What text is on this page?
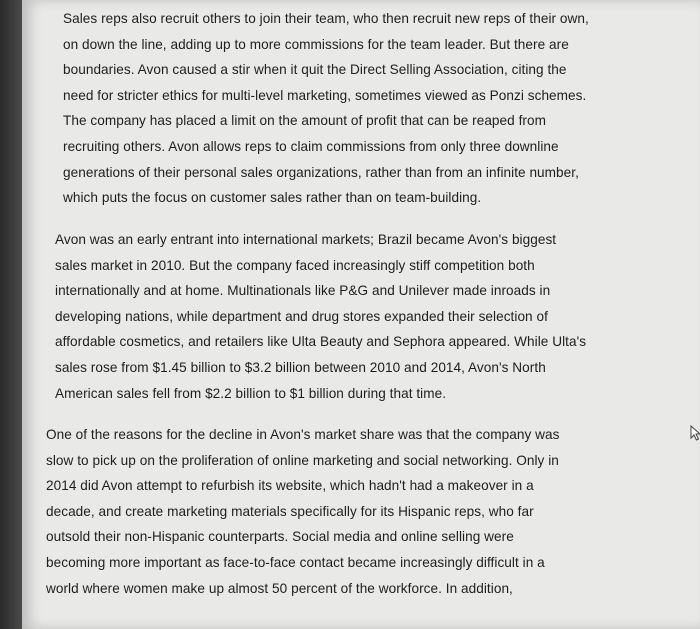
Sales reps also recruit others to join their team, who then recruit new reps of their own,
on down the line, adding up to more commissions for the team leader. But there are
boundaries. Avon caused a stir when it quit the Direct Selling Association, citing the
need for stricter ethics for multi-level marketing, sometimes viewed as Ponzi schemes.
The company has placed a limit on the amount of profit that can be reaped from
recruiting others. Avon allows reps to claim commissions from only three downline
generations of their personal sales organizations, rather than from an infinite number,
which puts the focus on customer sales rather than on team-building.
Avon was an early entrant into international markets; Brazil became Avon's biggest
sales market in 2010. But the company faced increasingly stiff competition both
internationally and at home. Multinationals like P&G and Unilever made inroads in
developing nations, while department and drug stores expanded their selection of
affordable cosmetics, and retailers like Ulta Beauty and Sephora appeared. While Ulta's
sales rose from $1.45 billion to $3.2 billion between 2010 and 2014, Avon's North
American sales fell from $2.2 billion to $1 billion during that time.
One of the reasons for the decline in Avon's market share was that the company was
slow to pick up on the proliferation of online marketing and social networking. Only in
2014 did Avon attempt to refurbish its website, which hadn't had a makeover in a
decade, and create marketing materials specifically for its Hispanic reps, who far
outsold their non-Hispanic counterparts. Social media and online selling were
becoming more important as face-to-face contact became increasingly difficult in a
world where women make up almost 50 percent of the workforce. In addition,
